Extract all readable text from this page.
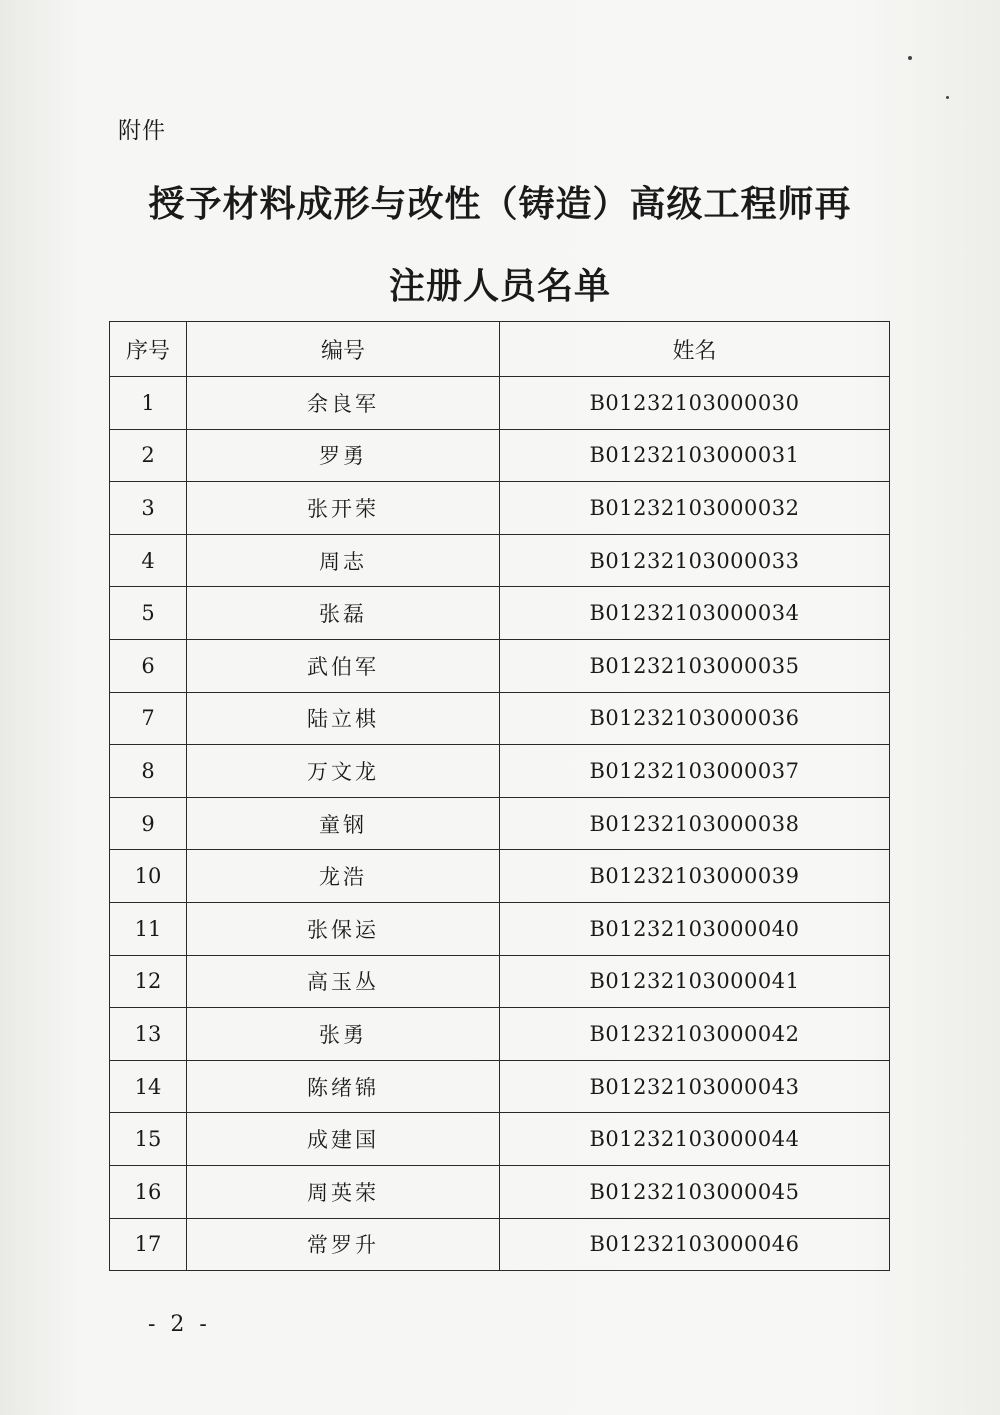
附件
授予材料成形与改性（铸造）高级工程师再
注册人员名单
序号	编号	姓名
1	余良军	B01232103000030
2	罗勇	B01232103000031
3	张开荣	B01232103000032
4	周志	B01232103000033
5	张磊	B01232103000034
6	武伯军	B01232103000035
7	陆立棋	B01232103000036
8	万文龙	B01232103000037
9	童钢	B01232103000038
10	龙浩	B01232103000039
11	张保运	B01232103000040
12	高玉丛	B01232103000041
13	张勇	B01232103000042
14	陈绪锦	B01232103000043
15	成建国	B01232103000044
16	周英荣	B01232103000045
17	常罗升	B01232103000046
- 2 -
